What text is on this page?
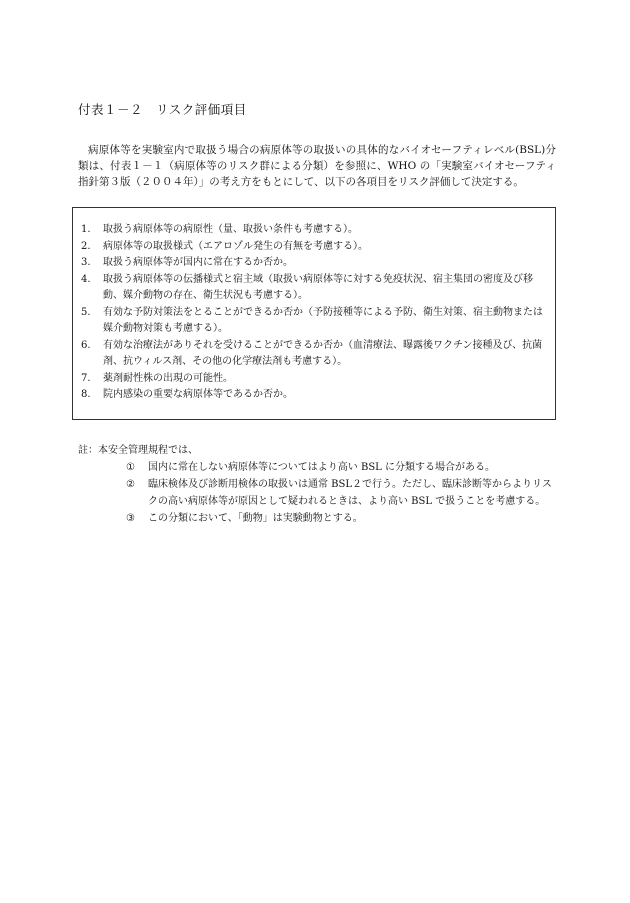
付表１－２　リスク評価項目

病原体等を実験室内で取扱う場合の病原体等の取扱いの具体的なバイオセーフティレベル(BSL)分類は、付表１－１（病原体等のリスク群による分類）を参照に、WHO の「実験室バイオセーフティ指針第３版（２００４年）」の考え方をもとにして、以下の各項目をリスク評価して決定する。

1.	取扱う病原体等の病原性（量、取扱い条件も考慮する）。
2.	病原体等の取扱様式（エアロゾル発生の有無を考慮する）。
3.	取扱う病原体等が国内に常在するか否か。
4.	取扱う病原体等の伝播様式と宿主域（取扱い病原体等に対する免疫状況、宿主集団の密度及び移動、媒介動物の存在、衛生状況も考慮する）。
5.	有効な予防対策法をとることができるか否か（予防接種等による予防、衛生対策、宿主動物または媒介動物対策も考慮する）。
6.	有効な治療法がありそれを受けることができるか否か（血清療法、曝露後ワクチン接種及び、抗菌剤、抗ウィルス剤、その他の化学療法剤も考慮する）。
7.	薬剤耐性株の出現の可能性。
8.	院内感染の重要な病原体等であるか否か。
註：本安全管理規程では、
①	国内に常在しない病原体等についてはより高い BSL に分類する場合がある。
②	臨床検体及び診断用検体の取扱いは通常 BSL２で行う。ただし、臨床診断等からよりリスクの高い病原体等が原因として疑われるときは、より高い BSL で扱うことを考慮する。
③	この分類において、「動物」は実験動物とする。
